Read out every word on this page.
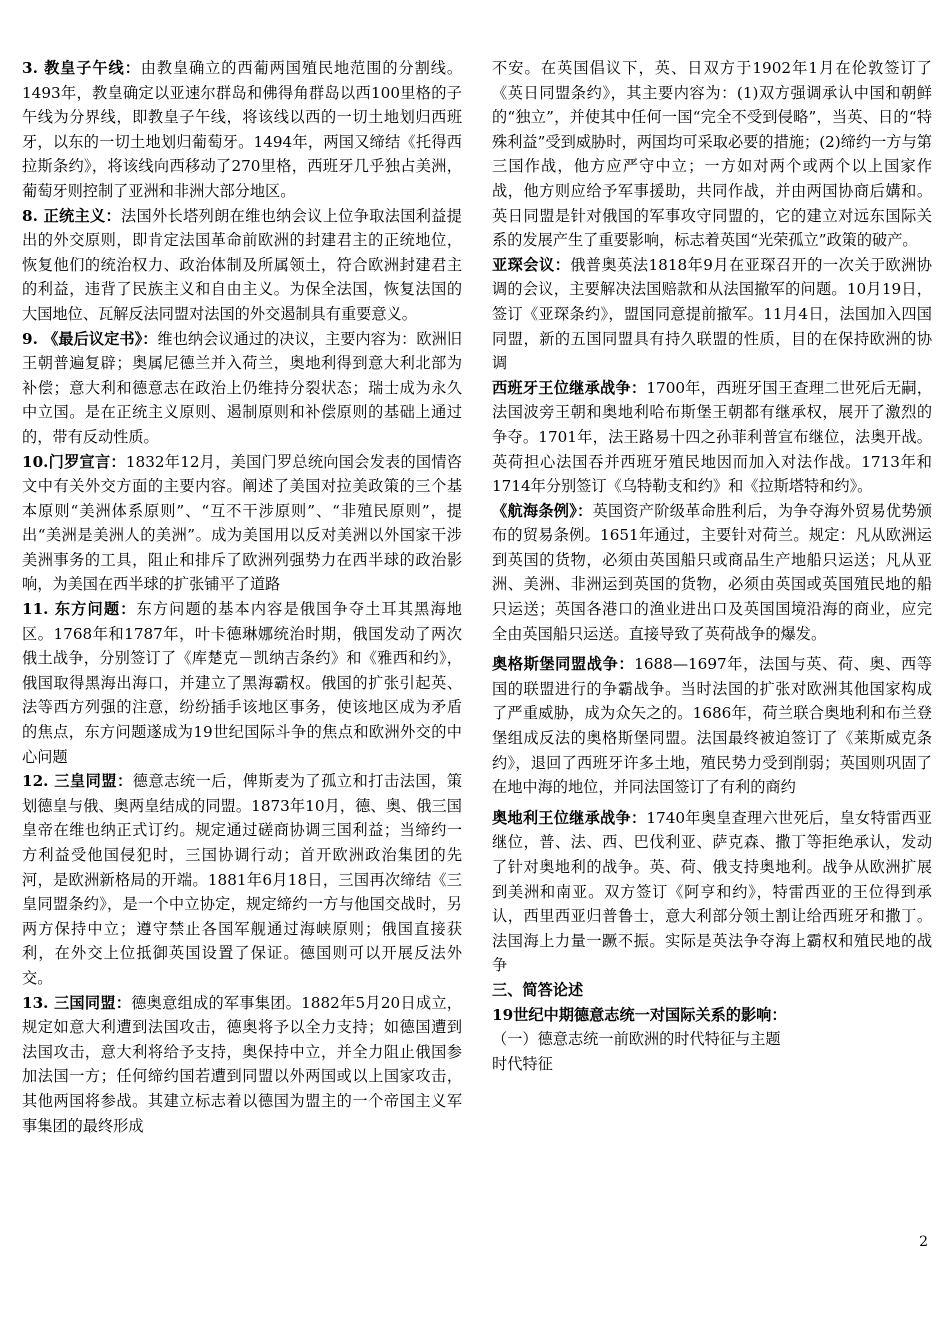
3. 教皇子午线：由教皇确立的西葡两国殖民地范围的分割线。1493年，教皇确定以亚速尔群岛和佛得角群岛以西100里格的子午线为分界线，即教皇子午线，将该线以西的一切土地划归西班牙，以东的一切土地划归葡萄牙。1494年，两国又缔结《托得西拉斯条约》，将该线向西移动了270里格，西班牙几乎独占美洲，葡萄牙则控制了亚洲和非洲大部分地区。

8. 正统主义：法国外长塔列朗在维也纳会议上位争取法国利益提出的外交原则，即肯定法国革命前欧洲的封建君主的正统地位，恢复他们的统治权力、政治体制及所属领土，符合欧洲封建君主的利益，违背了民族主义和自由主义。为保全法国，恢复法国的大国地位、瓦解反法同盟对法国的外交遏制具有重要意义。

9. 《最后议定书》：维也纳会议通过的决议，主要内容为：欧洲旧王朝普遍复辟；奥属尼德兰并入荷兰，奥地利得到意大利北部为补偿；意大利和德意志在政治上仍维持分裂状态；瑞士成为永久中立国。是在正统主义原则、遏制原则和补偿原则的基础上通过的，带有反动性质。

10.门罗宣言：1832年12月，美国门罗总统向国会发表的国情咨文中有关外交方面的主要内容。阐述了美国对拉美政策的三个基本原则“美洲体系原则”、“互不干涉原则”、“非殖民原则”，提出“美洲是美洲人的美洲”。成为美国用以反对美洲以外国家干涉美洲事务的工具，阻止和排斥了欧洲列强势力在西半球的政治影响，为美国在西半球的扩张铺平了道路

11. 东方问题：东方问题的基本内容是俄国争夺土耳其黑海地区。1768年和1787年，叶卡德琳娜统治时期，俄国发动了两次俄土战争，分别签订了《库楚克－凯纳吉条约》和《雅西和约》，俄国取得黑海出海口，并建立了黑海霸权。俄国的扩张引起英、法等西方列强的注意，纷纷插手该地区事务，使该地区成为矛盾的焦点，东方问题遂成为19世纪国际斗争的焦点和欧洲外交的中心问题

12. 三皇同盟：德意志统一后，俾斯麦为了孤立和打击法国，策划德皇与俄、奥两皇结成的同盟。1873年10月，德、奥、俄三国皇帝在维也纳正式订约。规定通过磋商协调三国利益；当缔约一方利益受他国侵犯时，三国协调行动；首开欧洲政治集团的先河，是欧洲新格局的开端。1881年6月18日，三国再次缔结《三皇同盟条约》，是一个中立协定，规定缔约一方与他国交战时，另两方保持中立；遵守禁止各国军舰通过海峡原则；俄国直接获利，在外交上位抵御英国设置了保证。德国则可以开展反法外交。

13. 三国同盟：德奥意组成的军事集团。1882年5月20日成立，规定如意大利遭到法国攻击，德奥将予以全力支持；如德国遭到法国攻击，意大利将给予支持，奥保持中立，并全力阻止俄国参加法国一方；任何缔约国若遭到同盟以外两国或以上国家攻击，其他两国将参战。其建立标志着以德国为盟主的一个帝国主义军事集团的最终形成

不安。在英国倡议下，英、日双方于1902年1月在伦敦签订了《英日同盟条约》，其主要内容为：(1)双方强调承认中国和朝鲜的“独立”，并使其中任何一国“完全不受到侵略”，当英、日的“特殊利益”受到威胁时，两国均可采取必要的措施；(2)缔约一方与第三国作战，他方应严守中立；一方如对两个或两个以上国家作战，他方则应给予军事援助，共同作战，并由两国协商后媾和。英日同盟是针对俄国的军事攻守同盟的，它的建立对远东国际关系的发展产生了重要影响，标志着英国“光荣孤立”政策的破产。

亚琛会议：俄普奥英法1818年9月在亚琛召开的一次关于欧洲协调的会议，主要解决法国赔款和从法国撤军的问题。10月19日，签订《亚琛条约》，盟国同意提前撤军。11月4日，法国加入四国同盟，新的五国同盟具有持久联盟的性质，目的在保持欧洲的协调

西班牙王位继承战争：1700年，西班牙国王查理二世死后无嗣，法国波旁王朝和奥地利哈布斯堡王朝都有继承权，展开了激烈的争夺。1701年，法王路易十四之孙菲利普宣布继位，法奥开战。英荷担心法国吞并西班牙殖民地因而加入对法作战。1713年和1714年分别签订《乌特勒支和约》和《拉斯塔特和约》。

《航海条例》：英国资产阶级革命胜利后，为争夺海外贸易优势颁布的贸易条例。1651年通过，主要针对荷兰。规定：凡从欧洲运到英国的货物，必须由英国船只或商品生产地船只运送；凡从亚洲、美洲、非洲运到英国的货物，必须由英国或英国殖民地的船只运送；英国各港口的渔业进出口及英国国境沿海的商业，应完全由英国船只运送。直接导致了英荷战争的爆发。

奥格斯堡同盟战争：1688—1697年，法国与英、荷、奥、西等国的联盟进行的争霸战争。当时法国的扩张对欧洲其他国家构成了严重威胁，成为众矢之的。1686年，荷兰联合奥地利和布兰登堡组成反法的奥格斯堡同盟。法国最终被迫签订了《莱斯威克条约》，退回了西班牙许多土地，殖民势力受到削弱；英国则巩固了在地中海的地位，并同法国签订了有利的商约

奥地利王位继承战争：1740年奥皇查理六世死后，皇女特雷西亚继位，普、法、西、巴伐利亚、萨克森、撒丁等拒绝承认，发动了针对奥地利的战争。英、荷、俄支持奥地利。战争从欧洲扩展到美洲和南亚。双方签订《阿亨和约》，特雷西亚的王位得到承认，西里西亚归普鲁士，意大利部分领土割让给西班牙和撒丁。法国海上力量一蹶不振。实际是英法争夺海上霸权和殖民地的战争

三、简答论述

19世纪中期德意志统一对国际关系的影响：

（一）德意志统一前欧洲的时代特征与主题

时代特征

2
